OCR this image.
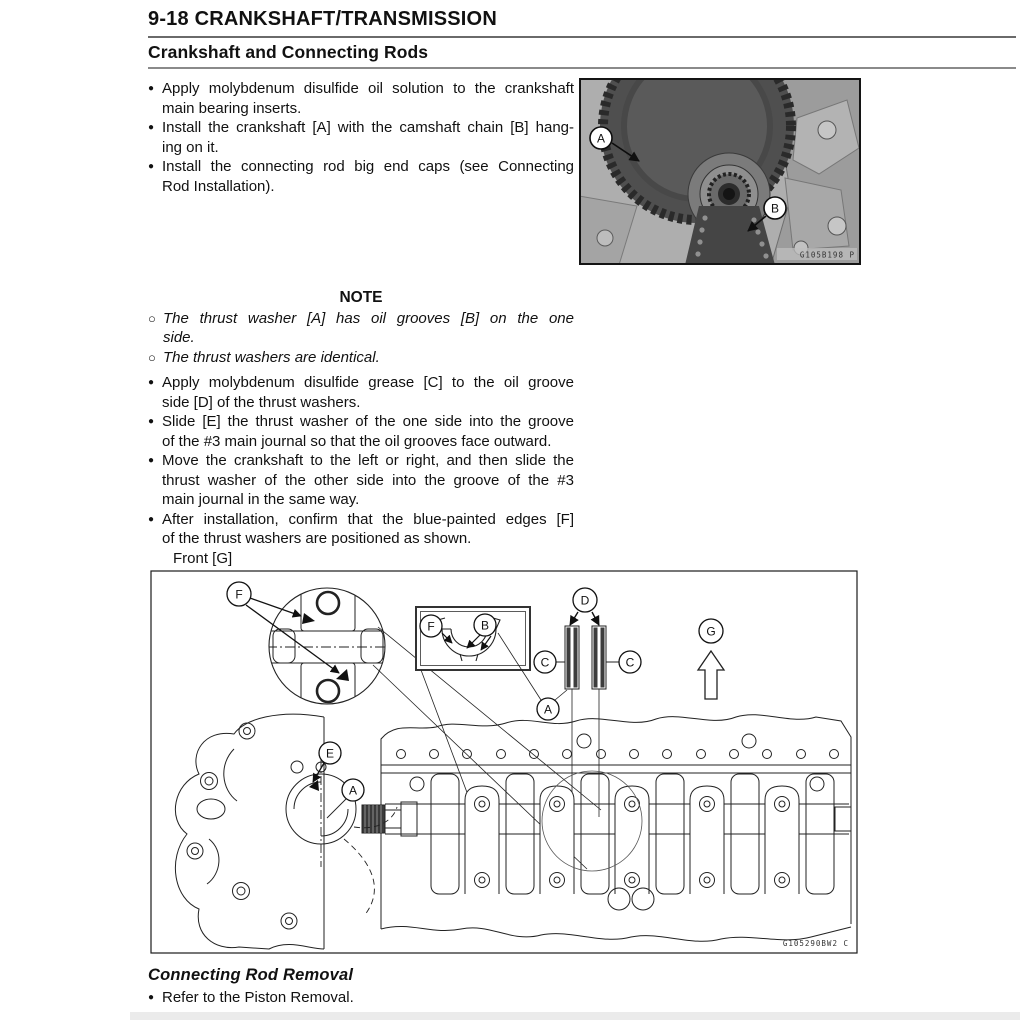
9-18 CRANKSHAFT/TRANSMISSION
Crankshaft and Connecting Rods
A
B
G105B198 P
● Apply molybdenum disulfide oil solution to the crankshaft
main bearing inserts.
● Install the crankshaft [A] with the camshaft chain [B] hang-
ing on it.
● Install the connecting rod big end caps (see Connecting
Rod Installation).
NOTE
○ The thrust washer [A] has oil grooves [B] on the one
side.
○ The thrust washers are identical.
● Apply molybdenum disulfide grease [C] to the oil groove
side [D] of the thrust washers.
● Slide [E] the thrust washer of the one side into the groove
of the #3 main journal so that the oil grooves face outward.
● Move the crankshaft to the left or right, and then slide the
thrust washer of the other side into the groove of the #3
main journal in the same way.
● After installation, confirm that the blue-painted edges [F]
of the thrust washers are positioned as shown.
Front [G]
F
F	B
A
D
C	C
G
E
A
G105290BW2 C
Connecting Rod Removal
● Refer to the Piston Removal.
